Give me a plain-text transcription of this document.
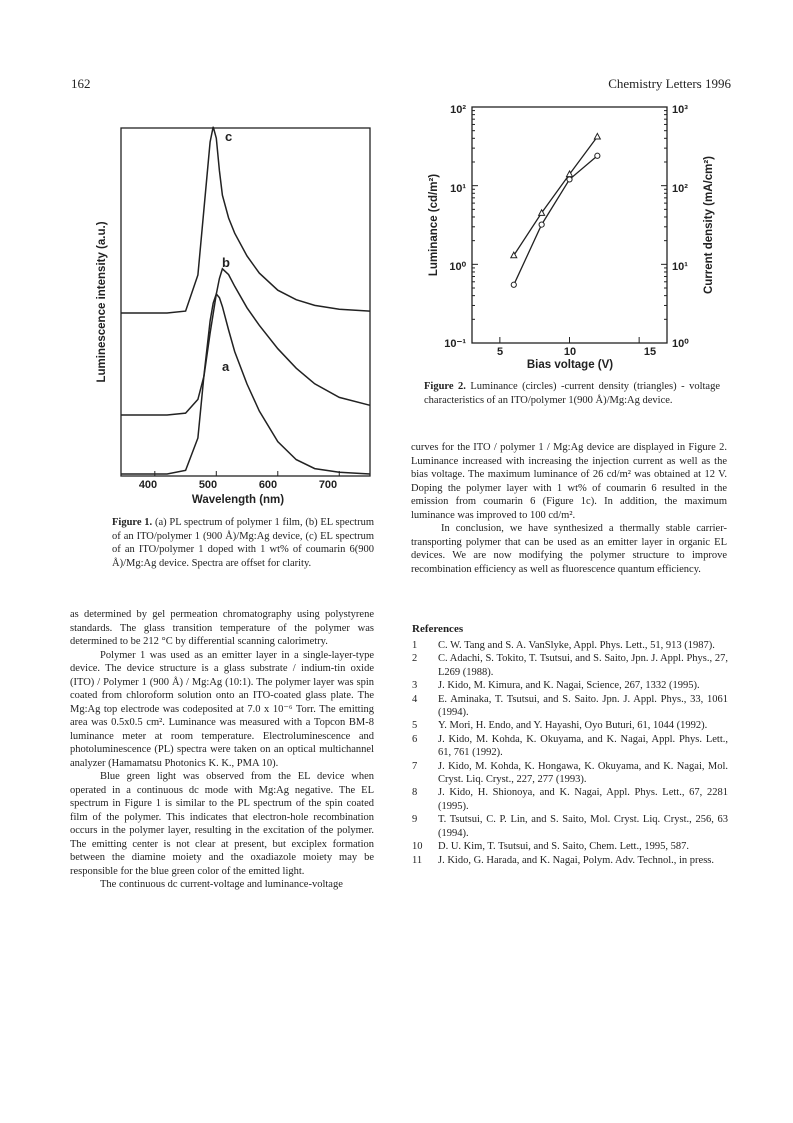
162	Chemistry Letters 1996
c
b
a
Luminescence intensity (a.u.)
Wavelength (nm)
400	500	600	700
Figure 1. (a) PL spectrum of polymer 1 film, (b) EL spectrum of an ITO/polymer 1 (900 Å)/Mg:Ag device, (c) EL spectrum of an ITO/polymer 1 doped with 1 wt% of coumarin 6(900 Å)/Mg:Ag device. Spectra are offset for clarity.
10²
10¹
10⁰
10⁻¹
10³
10²
10¹
10⁰
5	10	15
Bias voltage (V)
Luminance (cd/m²)	Current density (mA/cm²)
Figure 2. Luminance (circles) -current density (triangles) - voltage characteristics of an ITO/polymer 1(900 Å)/Mg:Ag device.

as determined by gel permeation chromatography using polystyrene standards. The glass transition temperature of the polymer was determined to be 212 °C by differential scanning calorimetry.

Polymer 1 was used as an emitter layer in a single-layer-type device. The device structure is a glass substrate / indium-tin oxide (ITO) / Polymer 1 (900 Å) / Mg:Ag (10:1). The polymer layer was spin coated from chloroform solution onto an ITO-coated glass plate. The Mg:Ag top electrode was codeposited at 7.0 x 10⁻⁶ Torr. The emitting area was 0.5x0.5 cm². Luminance was measured with a Topcon BM-8 luminance meter at room temperature. Electroluminescence and photoluminescence (PL) spectra were taken on an optical multichannel analyzer (Hamamatsu Photonics K. K., PMA 10).

Blue green light was observed from the EL device when operated in a continuous dc mode with Mg:Ag negative. The EL spectrum in Figure 1 is similar to the PL spectrum of the spin coated film of the polymer. This indicates that electron-hole recombination occurs in the polymer layer, resulting in the excitation of the polymer. The emitting center is not clear at present, but exciplex formation between the diamine moiety and the oxadiazole moiety may be responsible for the blue green color of the emitted light.

The continuous dc current-voltage and luminance-voltage

curves for the ITO / polymer 1 / Mg:Ag device are displayed in Figure 2. Luminance increased with increasing the injection current as well as the bias voltage. The maximum luminance of 26 cd/m² was obtained at 12 V. Doping the polymer layer with 1 wt% of coumarin 6 resulted in the emission from coumarin 6 (Figure 1c). In addition, the maximum luminance was improved to 100 cd/m².

In conclusion, we have synthesized a thermally stable carrier-transporting polymer that can be used as an emitter layer in organic EL devices. We are now modifying the polymer structure to improve recombination efficiency as well as fluorescence quantum efficiency.

References
1 C. W. Tang and S. A. VanSlyke, Appl. Phys. Lett., 51, 913 (1987).
2 C. Adachi, S. Tokito, T. Tsutsui, and S. Saito, Jpn. J. Appl. Phys., 27, L269 (1988).
3 J. Kido, M. Kimura, and K. Nagai, Science, 267, 1332 (1995).
4 E. Aminaka, T. Tsutsui, and S. Saito. Jpn. J. Appl. Phys., 33, 1061 (1994).
5 Y. Mori, H. Endo, and Y. Hayashi, Oyo Buturi, 61, 1044 (1992).
6 J. Kido, M. Kohda, K. Okuyama, and K. Nagai, Appl. Phys. Lett., 61, 761 (1992).
7 J. Kido, M. Kohda, K. Hongawa, K. Okuyama, and K. Nagai, Mol. Cryst. Liq. Cryst., 227, 277 (1993).
8 J. Kido, H. Shionoya, and K. Nagai, Appl. Phys. Lett., 67, 2281 (1995).
9 T. Tsutsui, C. P. Lin, and S. Saito, Mol. Cryst. Liq. Cryst., 256, 63 (1994).
10 D. U. Kim, T. Tsutsui, and S. Saito, Chem. Lett., 1995, 587.
11 J. Kido, G. Harada, and K. Nagai, Polym. Adv. Technol., in press.
